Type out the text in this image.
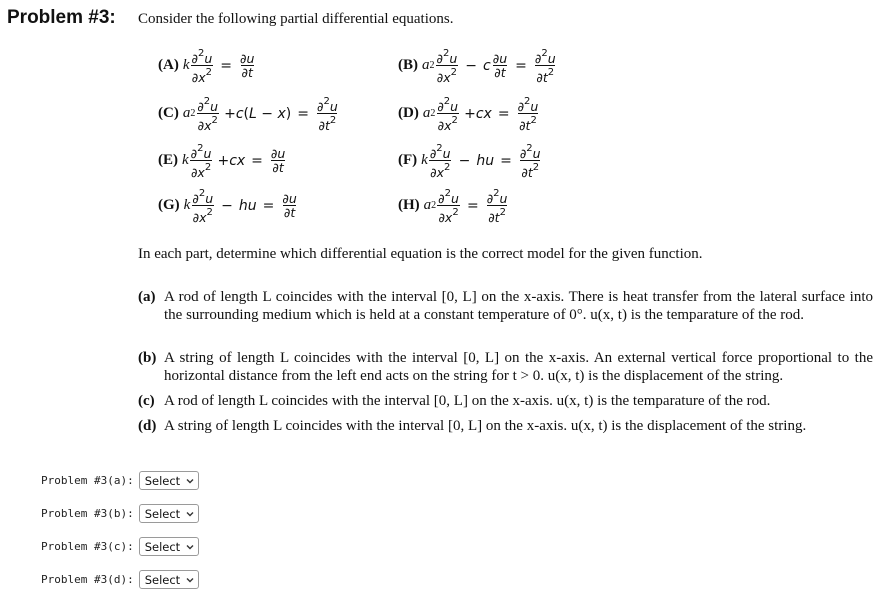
Problem #3: Consider the following partial differential equations.
(A) k $\frac{\partial^2u}{\partial x^2} = \frac{\partial u}{\partial t}$	(B) a $2 \frac{\partial^2u}{\partial x^2} - c \frac{\partial u}{\partial t} = \frac{\partial^2u}{\partial t^2}$
(C) a $2 \frac{\partial^2u}{\partial x^2} +c(L - x) = \frac{\partial^2u}{\partial t^2}$	(D) a $2 \frac{\partial^2u}{\partial x^2} +cx = \frac{\partial^2u}{\partial t^2}$
(E) k $\frac{\partial^2u}{\partial x^2} +cx = \frac{\partial u}{\partial t}$	(F) k $\frac{\partial^2u}{\partial x^2}$ − hu = $\frac{\partial^2u}{\partial t^2}$
(G) k $\frac{\partial^2u}{\partial x^2}$ − hu = $\frac{\partial u}{\partial t}$	(H) a $2 \frac{\partial^2u}{\partial x^2} = \frac{\partial^2u}{\partial t^2}$
In each part, determine which differential equation is the correct model for the given function.
(a) A rod of length L coincides with the interval [0, L] on the x-axis. There is heat transfer from the lateral surface into the surrounding medium which is held at a constant temperature of 0°. u(x, t) is the temparature of the rod.
(b) A string of length L coincides with the interval [0, L] on the x-axis. An external vertical force proportional to the horizontal distance from the left end acts on the string for t > 0. u(x, t) is the displacement of the string.
(c) A rod of length L coincides with the interval [0, L] on the x-axis. u(x, t) is the temparature of the rod.
(d) A string of length L coincides with the interval [0, L] on the x-axis. u(x, t) is the displacement of the string.
Problem #3(a): Select
Problem #3(b): Select
Problem #3(c): Select
Problem #3(d): Select
